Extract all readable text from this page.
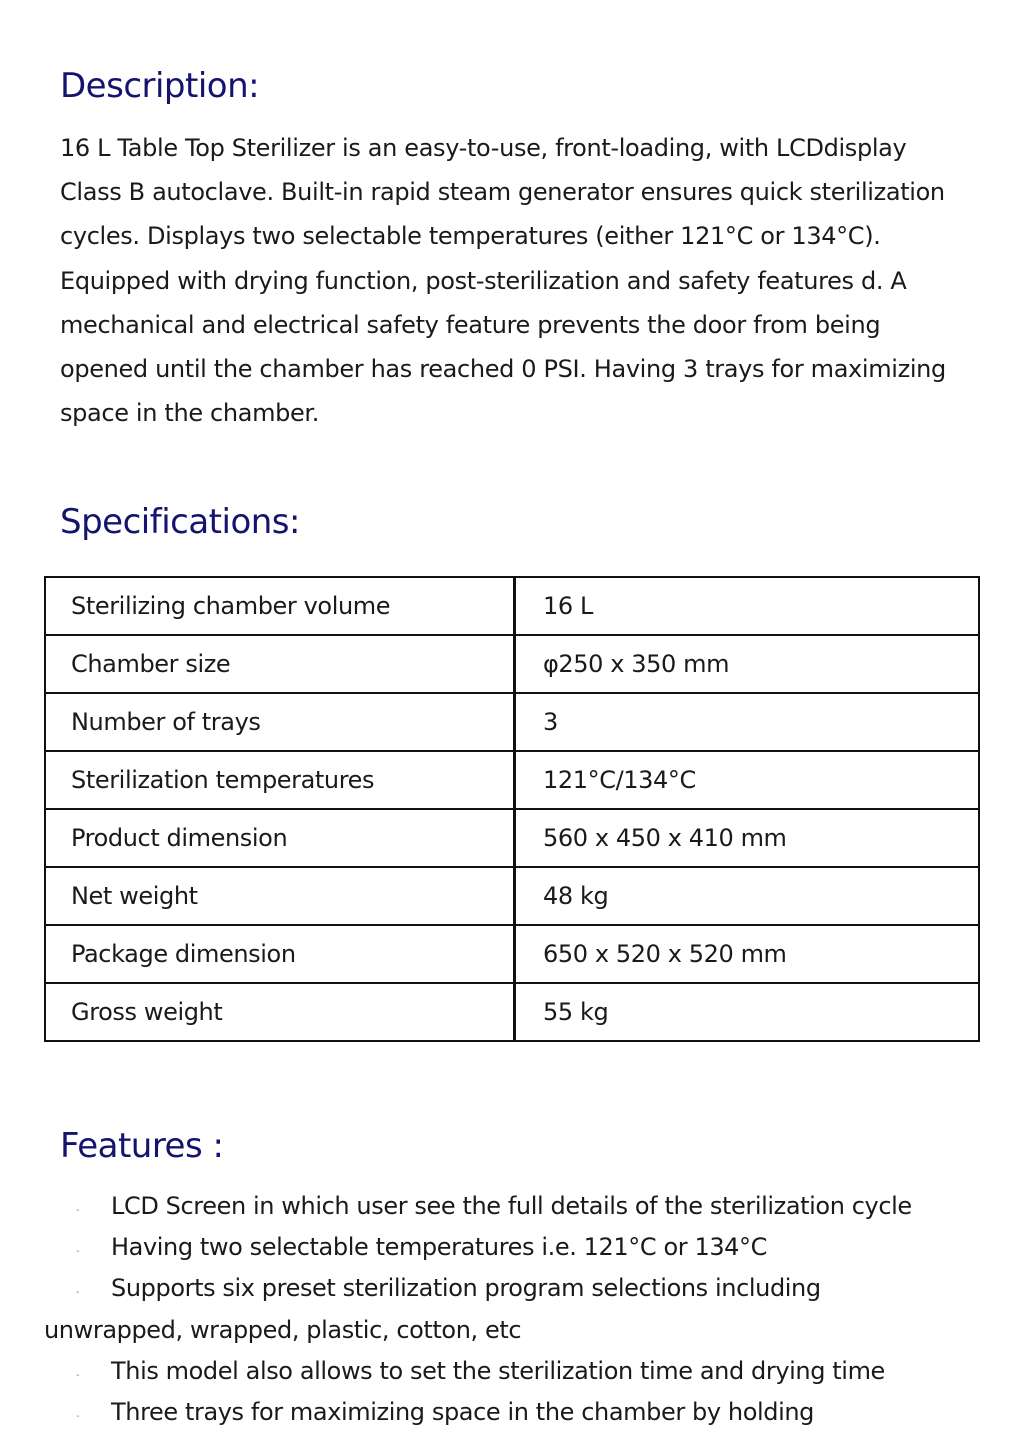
Description:

16 L Table Top Sterilizer is an easy-to-use, front-loading, with LCDdisplay Class B autoclave. Built-in rapid steam generator ensures quick sterilization cycles. Displays two selectable temperatures (either 121°C or 134°C). Equipped with drying function, post-sterilization and safety features d. A mechanical and electrical safety feature prevents the door from being opened until the chamber has reached 0 PSI. Having 3 trays for maximizing space in the chamber.

Specifications:
Sterilizing chamber volume	16 L
Chamber size	φ250 x 350 mm
Number of trays	3
Sterilization temperatures	121°C/134°C
Product dimension	560 x 450 x 410 mm
Net weight	48 kg
Package dimension	650 x 520 x 520 mm
Gross weight	55 kg
Features :
- LCD Screen in which user see the full details of the sterilization cycle
- Having two selectable temperatures i.e. 121°C or 134°C
- Supports six preset sterilization program selections including
unwrapped, wrapped, plastic, cotton, etc
- This model also allows to set the sterilization time and drying time
- Three trays for maximizing space in the chamber by holding
